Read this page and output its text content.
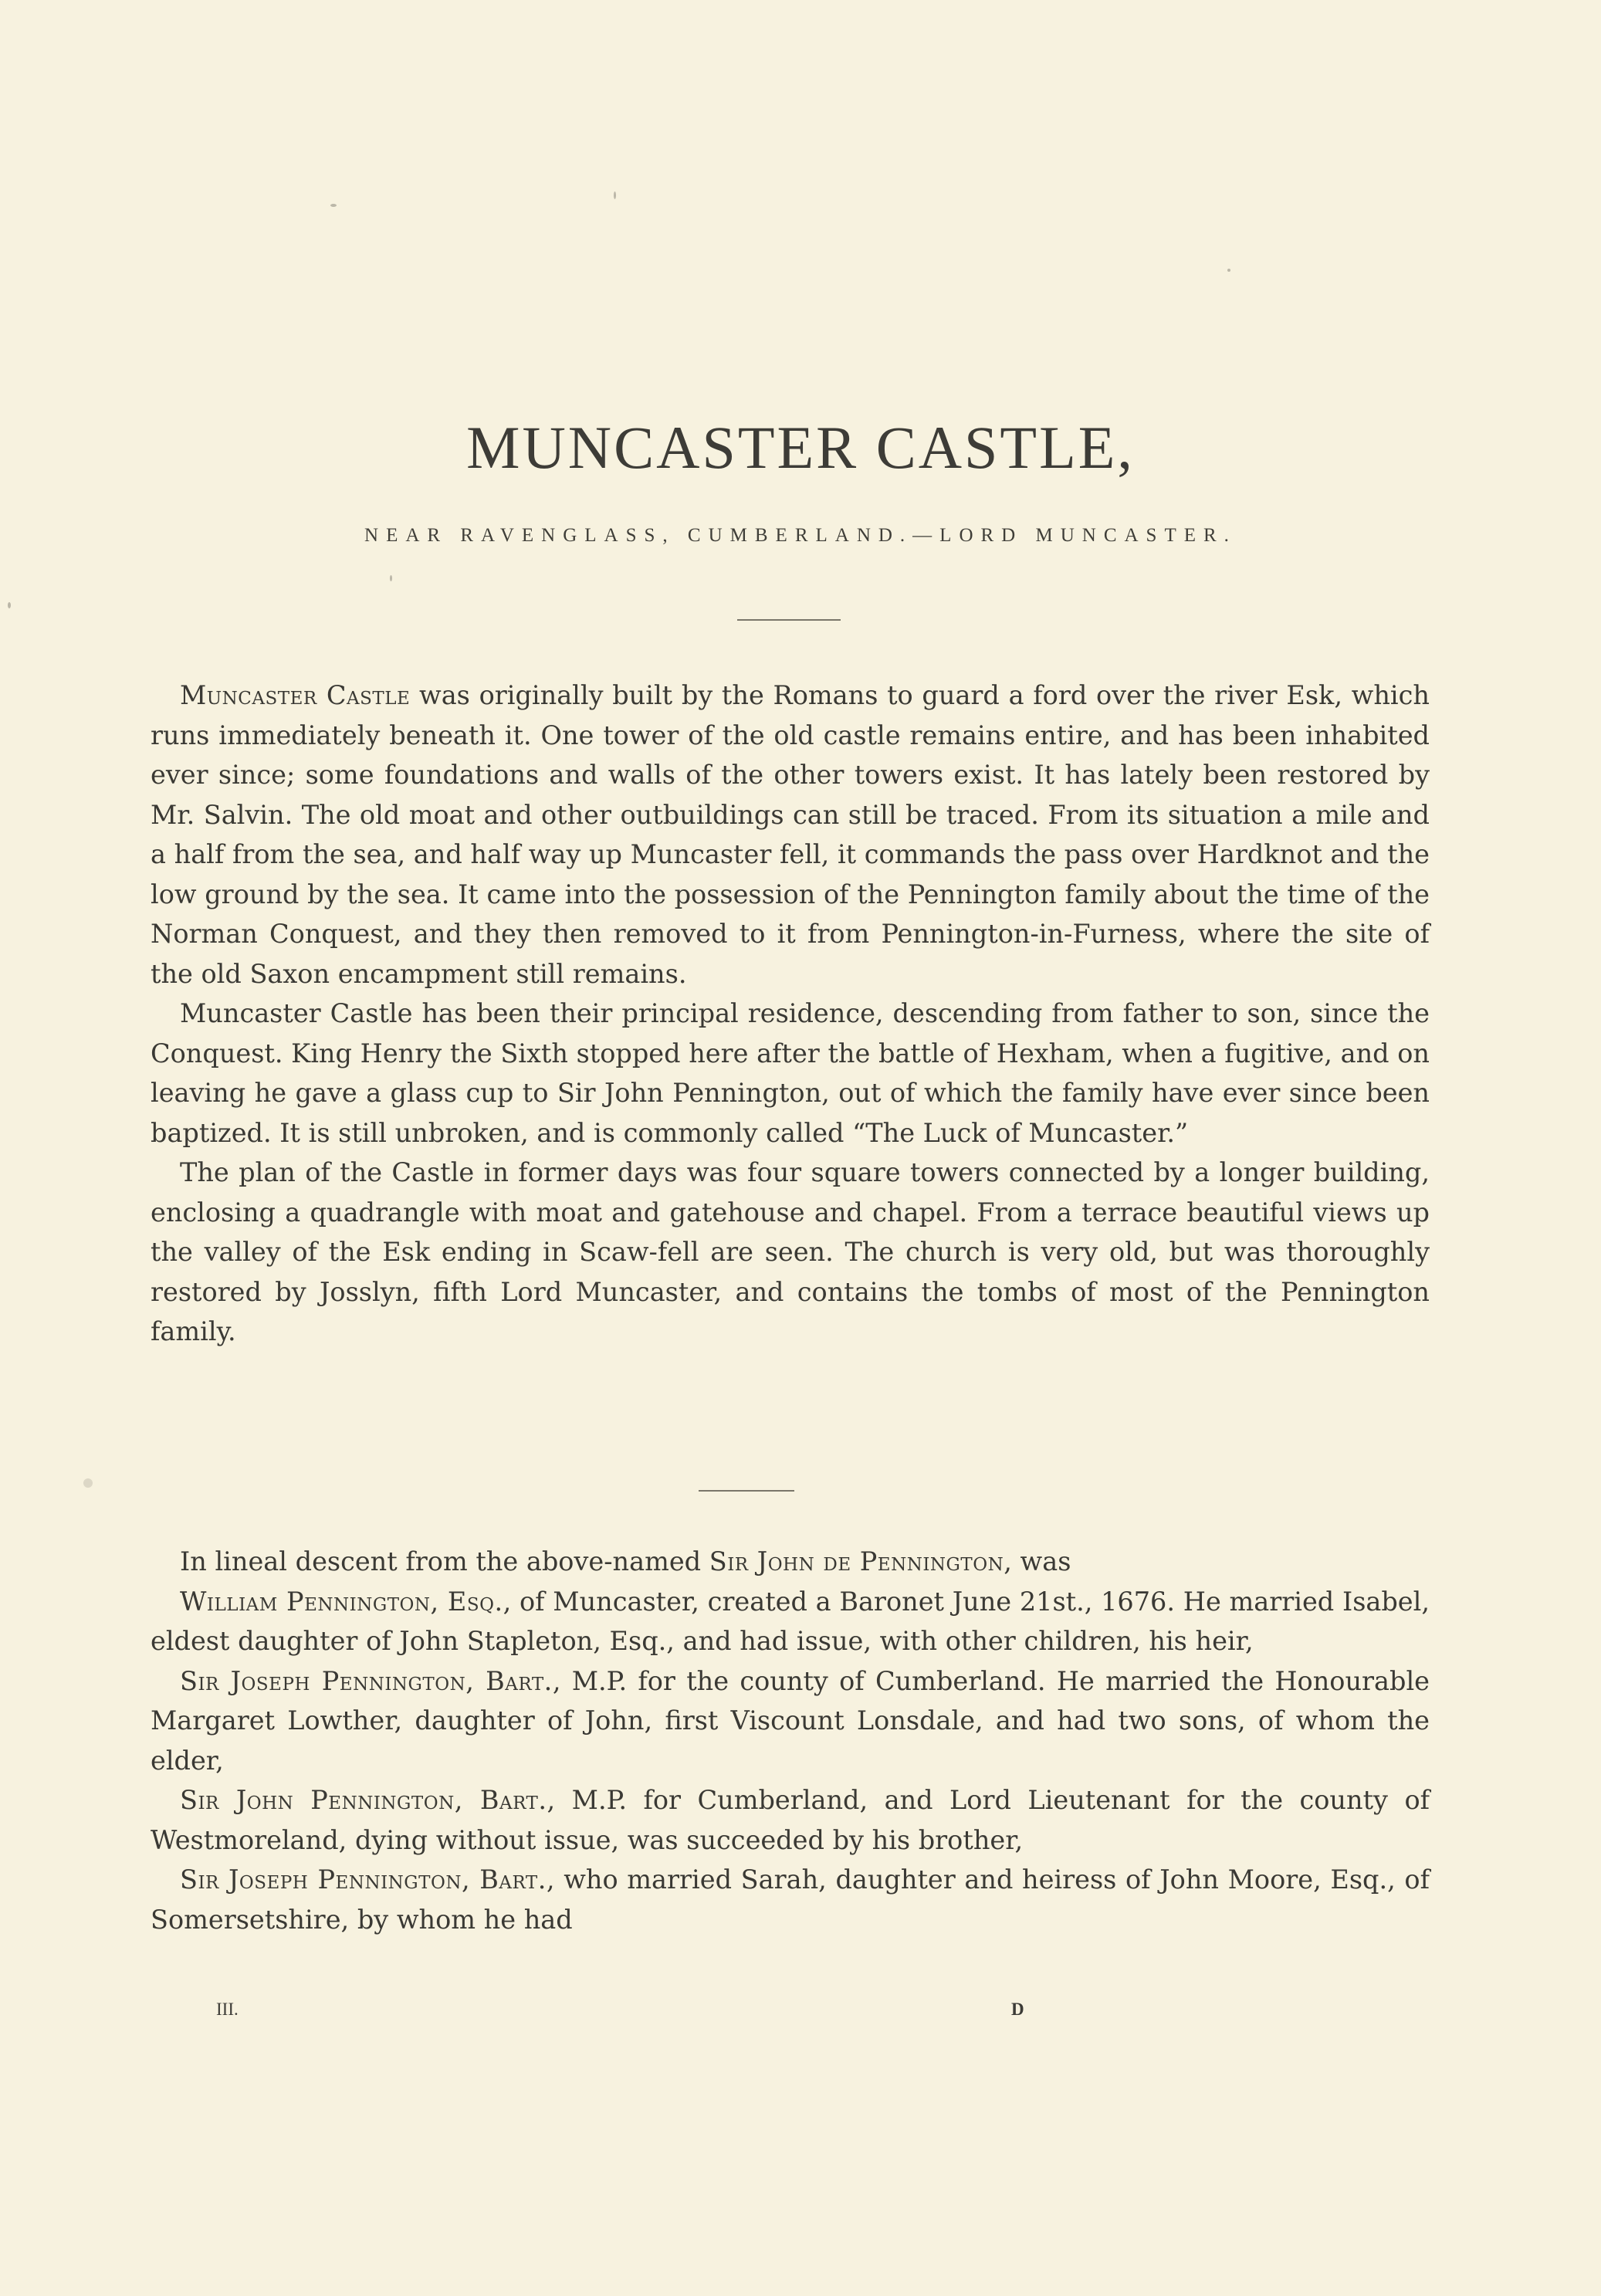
MUNCASTER CASTLE,

NEAR RAVENGLASS, CUMBERLAND.—LORD MUNCASTER.

Muncaster Castle was originally built by the Romans to guard a ford over the river Esk, which runs immediately beneath it. One tower of the old castle remains entire, and has been inhabited ever since; some foundations and walls of the other towers exist. It has lately been restored by Mr. Salvin. The old moat and other outbuildings can still be traced. From its situation a mile and a half from the sea, and half way up Muncaster fell, it commands the pass over Hardknot and the low ground by the sea. It came into the possession of the Pennington family about the time of the Norman Conquest, and they then removed to it from Pennington-in-Furness, where the site of the old Saxon encampment still remains.

Muncaster Castle has been their principal residence, descending from father to son, since the Conquest. King Henry the Sixth stopped here after the battle of Hexham, when a fugitive, and on leaving he gave a glass cup to Sir John Pennington, out of which the family have ever since been baptized. It is still unbroken, and is commonly called “The Luck of Muncaster.”

The plan of the Castle in former days was four square towers connected by a longer building, enclosing a quadrangle with moat and gatehouse and chapel. From a terrace beautiful views up the valley of the Esk ending in Scaw-fell are seen. The church is very old, but was thoroughly restored by Josslyn, fifth Lord Muncaster, and contains the tombs of most of the Pennington family.

In lineal descent from the above-named Sir John de Pennington, was

William Pennington, Esq., of Muncaster, created a Baronet June 21st., 1676. He married Isabel, eldest daughter of John Stapleton, Esq., and had issue, with other children, his heir,

Sir Joseph Pennington, Bart., M.P. for the county of Cumberland. He married the Honourable Margaret Lowther, daughter of John, first Viscount Lonsdale, and had two sons, of whom the elder,

Sir John Pennington, Bart., M.P. for Cumberland, and Lord Lieutenant for the county of Westmoreland, dying without issue, was succeeded by his brother,

Sir Joseph Pennington, Bart., who married Sarah, daughter and heiress of John Moore, Esq., of Somersetshire, by whom he had

III.	D
